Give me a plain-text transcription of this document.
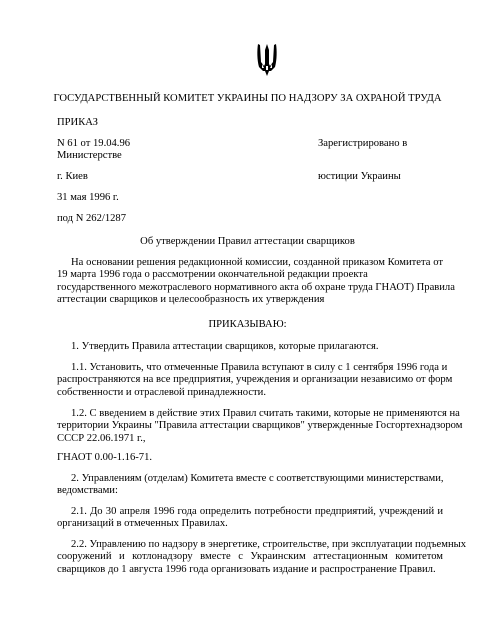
ГОСУДАРСТВЕННЫЙ КОМИТЕТ УКРАИНЫ ПО НАДЗОРУ ЗА ОХРАНОЙ ТРУДА
ПРИКАЗ
N 61 от 19.04.96	Зарегистрировано в
Министерстве
г. Киев	юстиции Украины
31 мая 1996 г.
под N 262/1287
Об утверждении Правил аттестации сварщиков
На основании решения редакционной комиссии, созданной приказом Комитета от
19 марта 1996 года о рассмотрении окончательной редакции проекта
государственного межотраслевого нормативного акта об охране труда ГНАОТ) Правила
аттестации сварщиков и целесообразность их утверждения
ПРИКАЗЫВАЮ:
1. Утвердить Правила аттестации сварщиков, которые прилагаются.
1.1. Установить, что отмеченные Правила вступают в силу с 1 сентября 1996 года и
распространяются на все предприятия, учреждения и организации независимо от форм
собственности и отраслевой принадлежности.
1.2. С введением в действие этих Правил считать такими, которые не применяются на
территории Украины "Правила аттестации сварщиков" утвержденные Госгортехнадзором
СССР 22.06.1971 г.,
ГНАОТ 0.00-1.16-71.
2. Управлениям (отделам) Комитета вместе с соответствующими министерствами,
ведомствами:
2.1. До 30 апреля 1996 года определить потребности предприятий, учреждений и
организаций в отмеченных Правилах.
2.2. Управлению по надзору в энергетике, строительстве, при эксплуатации подъемных
сооружений и котлонадзору вместе с Украинским аттестационным комитетом
сварщиков до 1 августа 1996 года организовать издание и распространение Правил.
